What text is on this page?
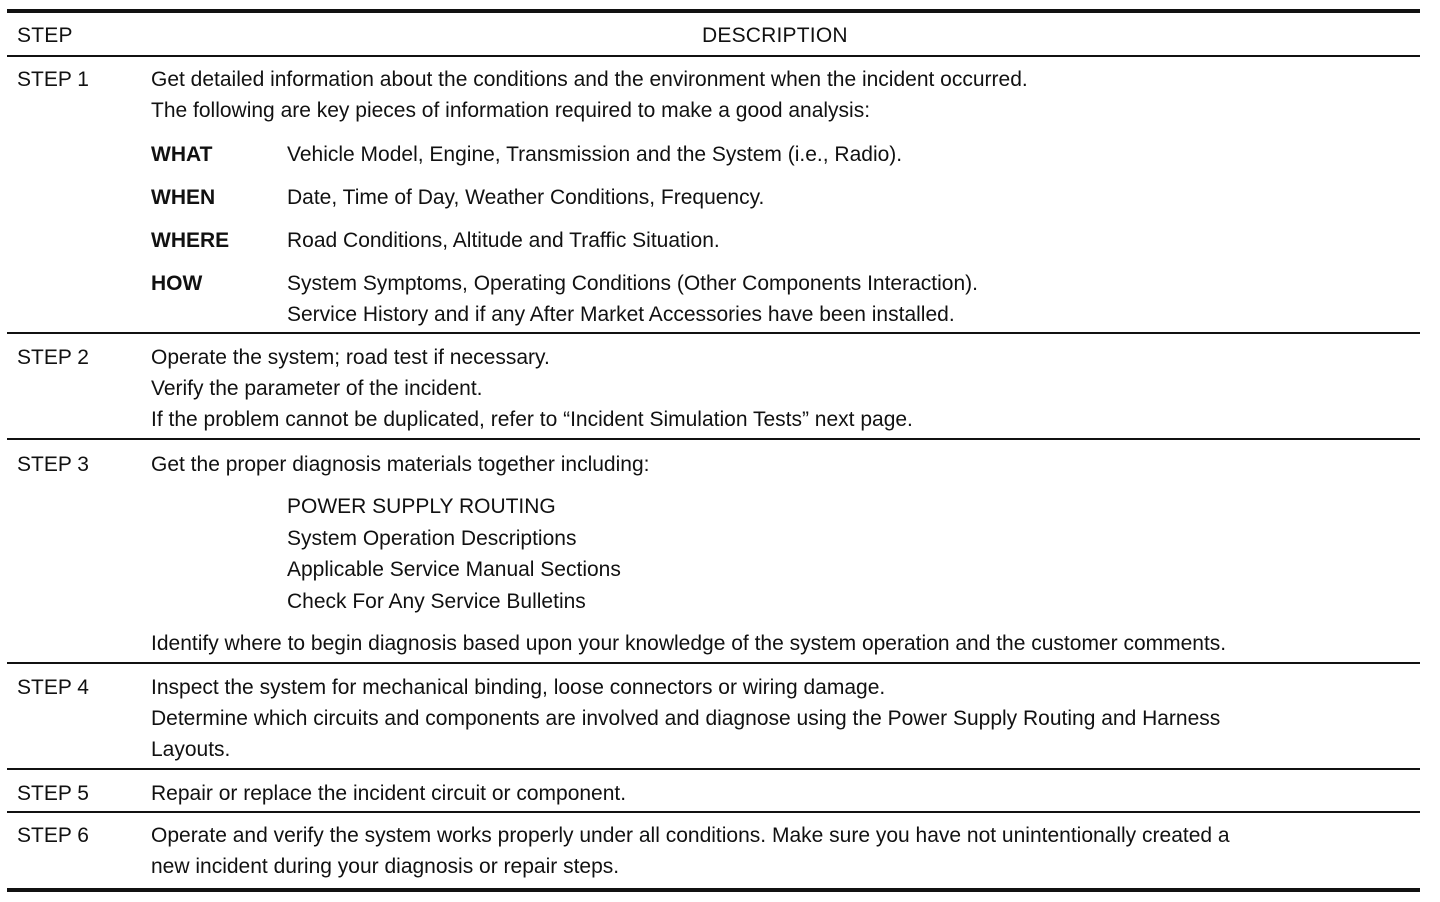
STEP	DESCRIPTION
STEP 1	Get detailed information about the conditions and the environment when the incident occurred.
The following are key pieces of information required to make a good analysis:
WHAT	Vehicle Model, Engine, Transmission and the System (i.e., Radio).
WHEN	Date, Time of Day, Weather Conditions, Frequency.
WHERE	Road Conditions, Altitude and Traffic Situation.
HOW	System Symptoms, Operating Conditions (Other Components Interaction).
Service History and if any After Market Accessories have been installed.
STEP 2	Operate the system; road test if necessary.
Verify the parameter of the incident.
If the problem cannot be duplicated, refer to “Incident Simulation Tests” next page.
STEP 3	Get the proper diagnosis materials together including:
POWER SUPPLY ROUTING
System Operation Descriptions
Applicable Service Manual Sections
Check For Any Service Bulletins
Identify where to begin diagnosis based upon your knowledge of the system operation and the customer comments.
STEP 4	Inspect the system for mechanical binding, loose connectors or wiring damage.
Determine which circuits and components are involved and diagnose using the Power Supply Routing and Harness
Layouts.
STEP 5	Repair or replace the incident circuit or component.
STEP 6	Operate and verify the system works properly under all conditions. Make sure you have not unintentionally created a
new incident during your diagnosis or repair steps.
